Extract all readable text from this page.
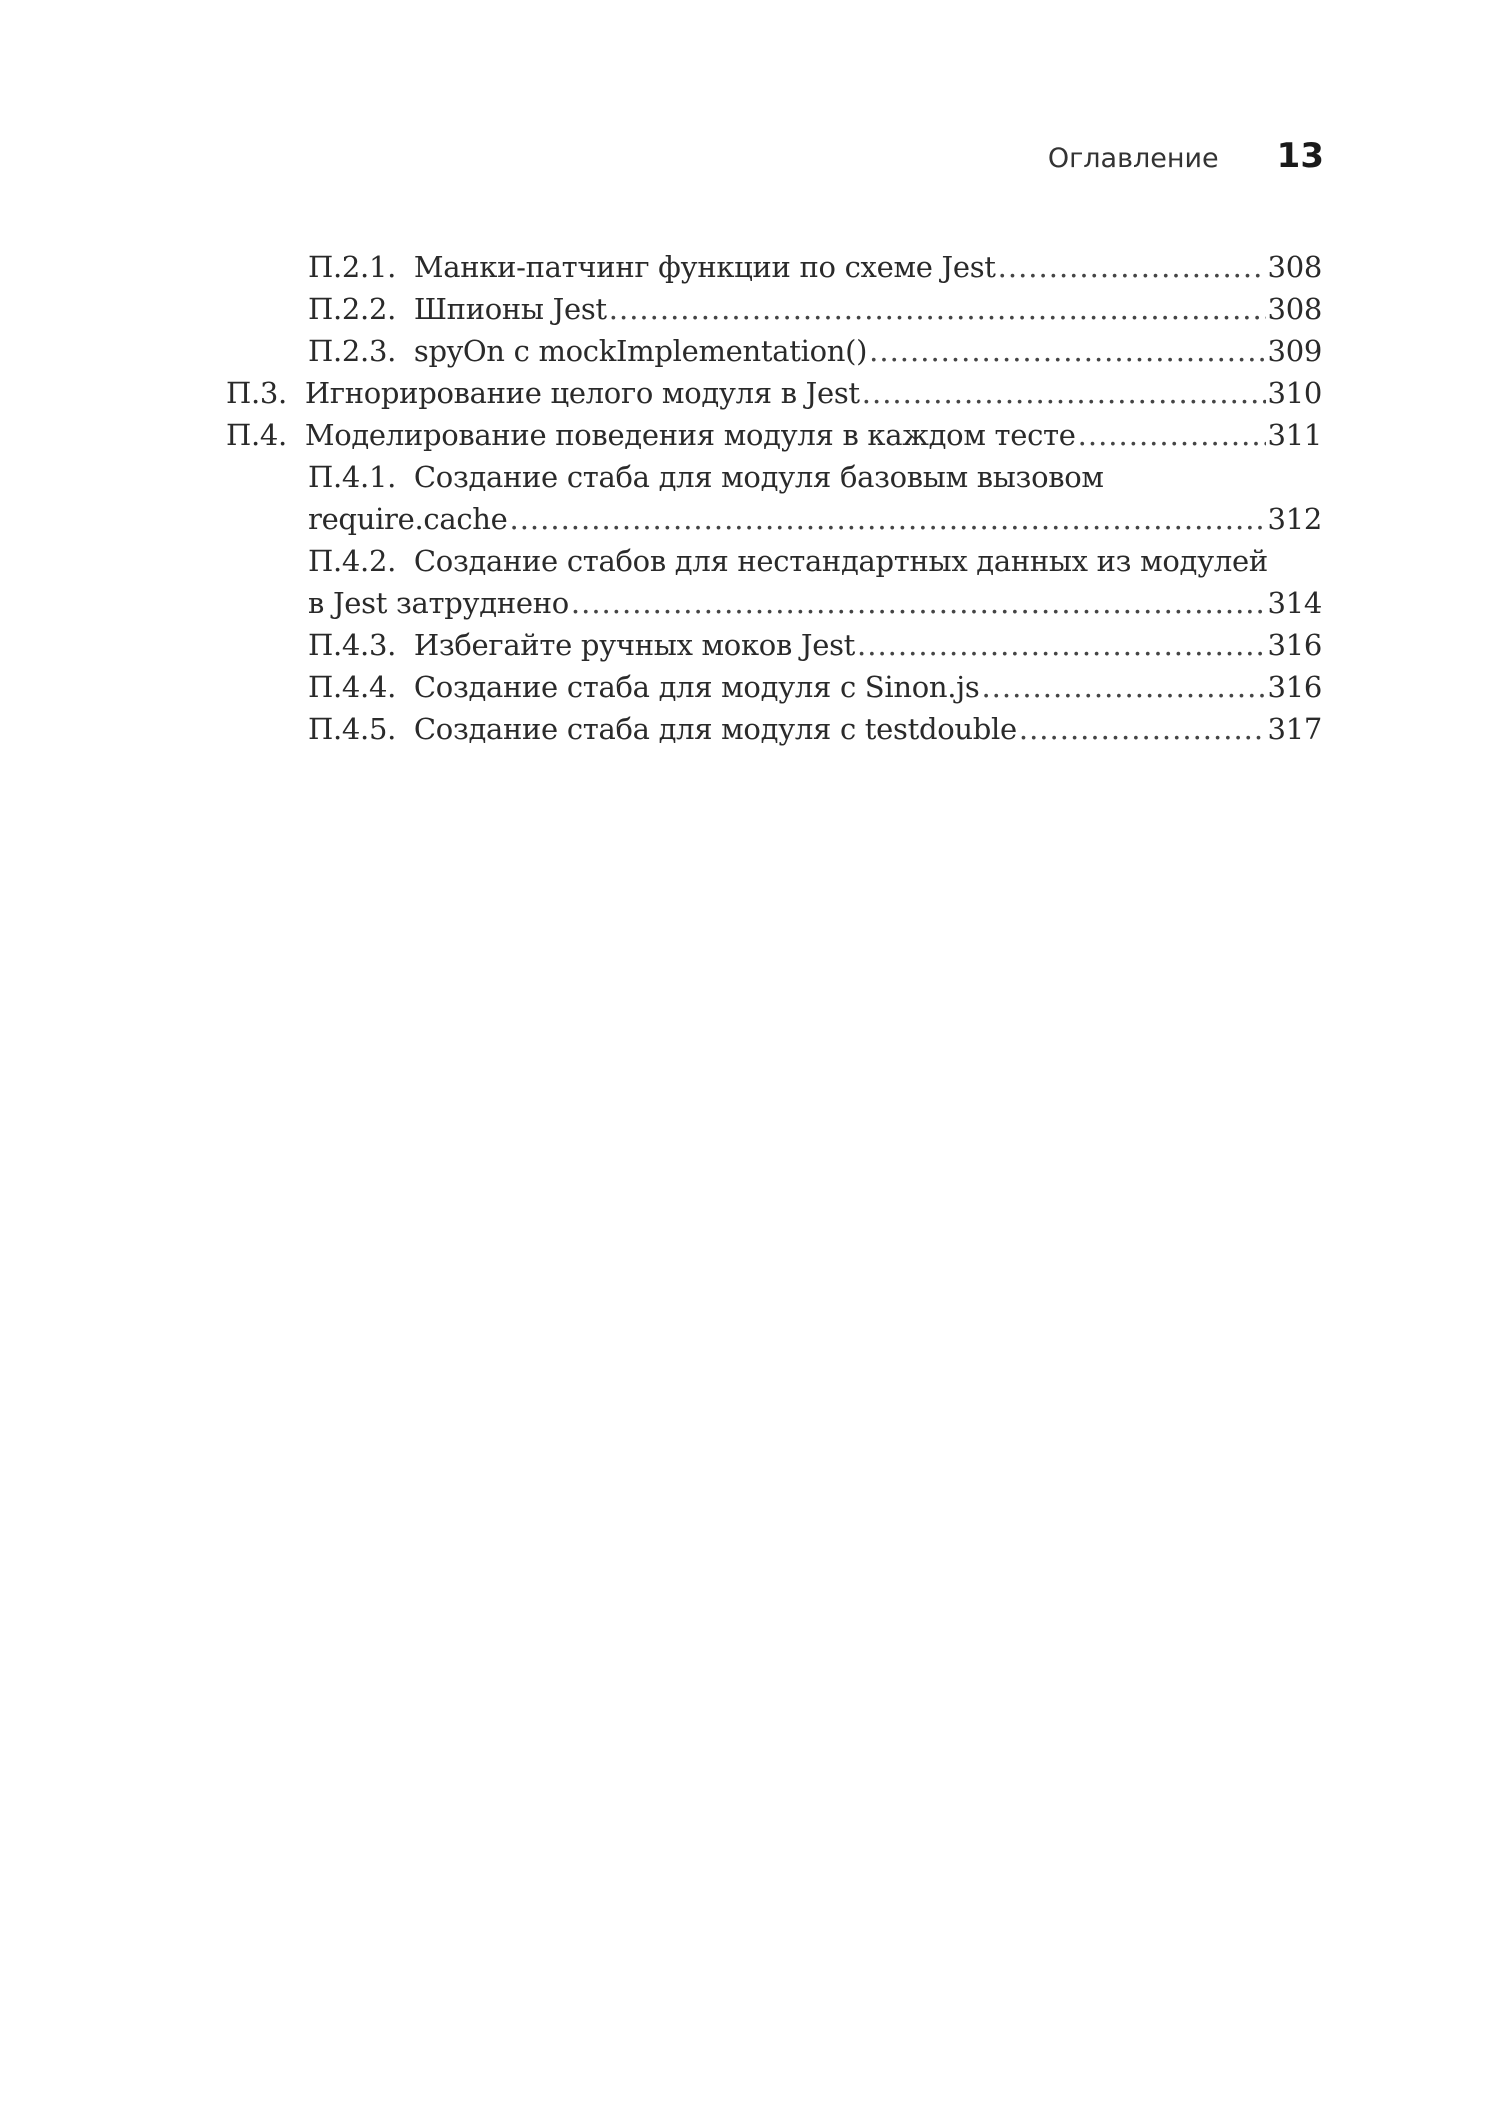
Оглавление 13
П.2.1. Манки-патчинг функции по схеме Jest .....	308
П.2.2. Шпионы Jest .....	308
П.2.3. spyOn с mockImplementation() .....	309
П.3. Игнорирование целого модуля в Jest .....	310
П.4. Моделирование поведения модуля в каждом тесте .....	311
П.4.1. Создание стаба для модуля базовым вызовом
require.cache .....	312
П.4.2. Создание стабов для нестандартных данных из модулей
в Jest затруднено .....	314
П.4.3. Избегайте ручных моков Jest .....	316
П.4.4. Создание стаба для модуля с Sinon.js .....	316
П.4.5. Создание стаба для модуля с testdouble .....	317
